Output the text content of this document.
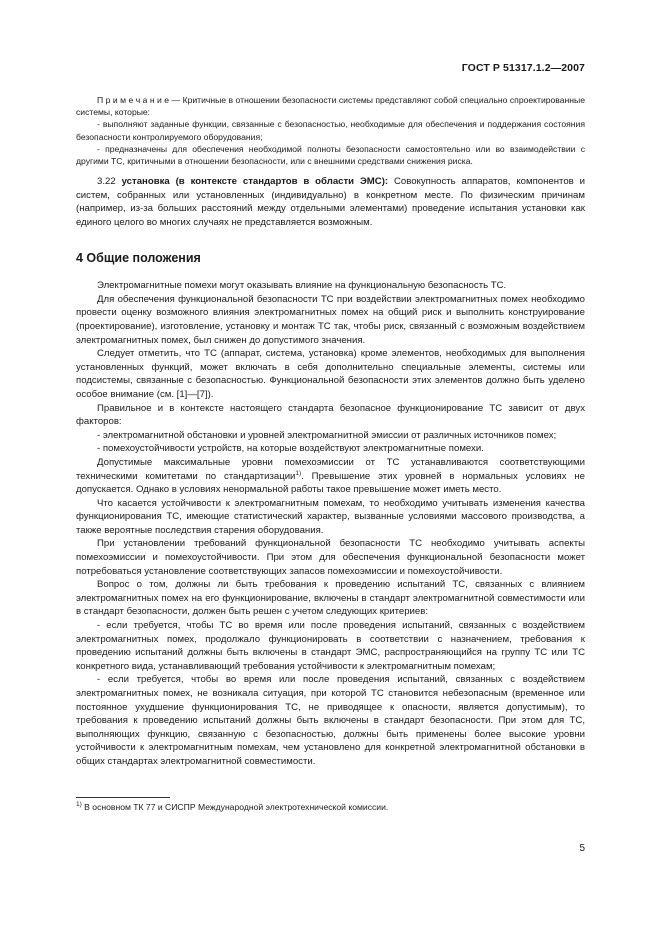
ГОСТ Р 51317.1.2—2007

П р и м е ч а н и е — Критичные в отношении безопасности системы представляют собой специально спроектированные системы, которые:

- выполняют заданные функции, связанные с безопасностью, необходимые для обеспечения и поддержания состояния безопасности контролируемого оборудования;

- предназначены для обеспечения необходимой полноты безопасности самостоятельно или во взаимодействии с другими ТС, критичными в отношении безопасности, или с внешними средствами снижения риска.

3.22 установка (в контексте стандартов в области ЭМС): Совокупность аппаратов, компонентов и систем, собранных или установленных (индивидуально) в конкретном месте. По физическим причинам (например, из-за больших расстояний между отдельными элементами) проведение испытания установки как единого целого во многих случаях не представляется возможным.

4 Общие положения

Электромагнитные помехи могут оказывать влияние на функциональную безопасность ТС.

Для обеспечения функциональной безопасности ТС при воздействии электромагнитных помех необходимо провести оценку возможного влияния электромагнитных помех на общий риск и выполнить конструирование (проектирование), изготовление, установку и монтаж ТС так, чтобы риск, связанный с возможным воздействием электромагнитных помех, был снижен до допустимого значения.

Следует отметить, что ТС (аппарат, система, установка) кроме элементов, необходимых для выполнения установленных функций, может включать в себя дополнительно специальные элементы, системы или подсистемы, связанные с безопасностью. Функциональной безопасности этих элементов должно быть уделено особое внимание (см. [1]—[7]).

Правильное и в контексте настоящего стандарта безопасное функционирование ТС зависит от двух факторов:

- электромагнитной обстановки и уровней электромагнитной эмиссии от различных источников помех;

- помехоустойчивости устройств, на которые воздействуют электромагнитные помехи.

Допустимые максимальные уровни помехоэмиссии от ТС устанавливаются соответствующими техническими комитетами по стандартизации$^{1)}$. Превышение этих уровней в нормальных условиях не допускается. Однако в условиях ненормальной работы такое превышение может иметь место.

Что касается устойчивости к электромагнитным помехам, то необходимо учитывать изменения качества функционирования ТС, имеющие статистический характер, вызванные условиями массового производства, а также вероятные последствия старения оборудования.

При установлении требований функциональной безопасности ТС необходимо учитывать аспекты помехоэмиссии и помехоустойчивости. При этом для обеспечения функциональной безопасности может потребоваться установление соответствующих запасов помехоэмиссии и помехоустойчивости.

Вопрос о том, должны ли быть требования к проведению испытаний ТС, связанных с влиянием электромагнитных помех на его функционирование, включены в стандарт электромагнитной совместимости или в стандарт безопасности, должен быть решен с учетом следующих критериев:

- если требуется, чтобы ТС во время или после проведения испытаний, связанных с воздействием электромагнитных помех, продолжало функционировать в соответствии с назначением, требования к проведению испытаний должны быть включены в стандарт ЭМС, распространяющийся на группу ТС или ТС конкретного вида, устанавливающий требования устойчивости к электромагнитным помехам;

- если требуется, чтобы во время или после проведения испытаний, связанных с воздействием электромагнитных помех, не возникала ситуация, при которой ТС становится небезопасным (временное или постоянное ухудшение функционирования ТС, не приводящее к опасности, является допустимым), то требования к проведению испытаний должны быть включены в стандарт безопасности. При этом для ТС, выполняющих функцию, связанную с безопасностью, должны быть применены более высокие уровни устойчивости к электромагнитным помехам, чем установлено для конкретной электромагнитной обстановки в общих стандартах электромагнитной совместимости.

$^{1)}$ В основном ТК 77 и СИСПР Международной электротехнической комиссии.
5
